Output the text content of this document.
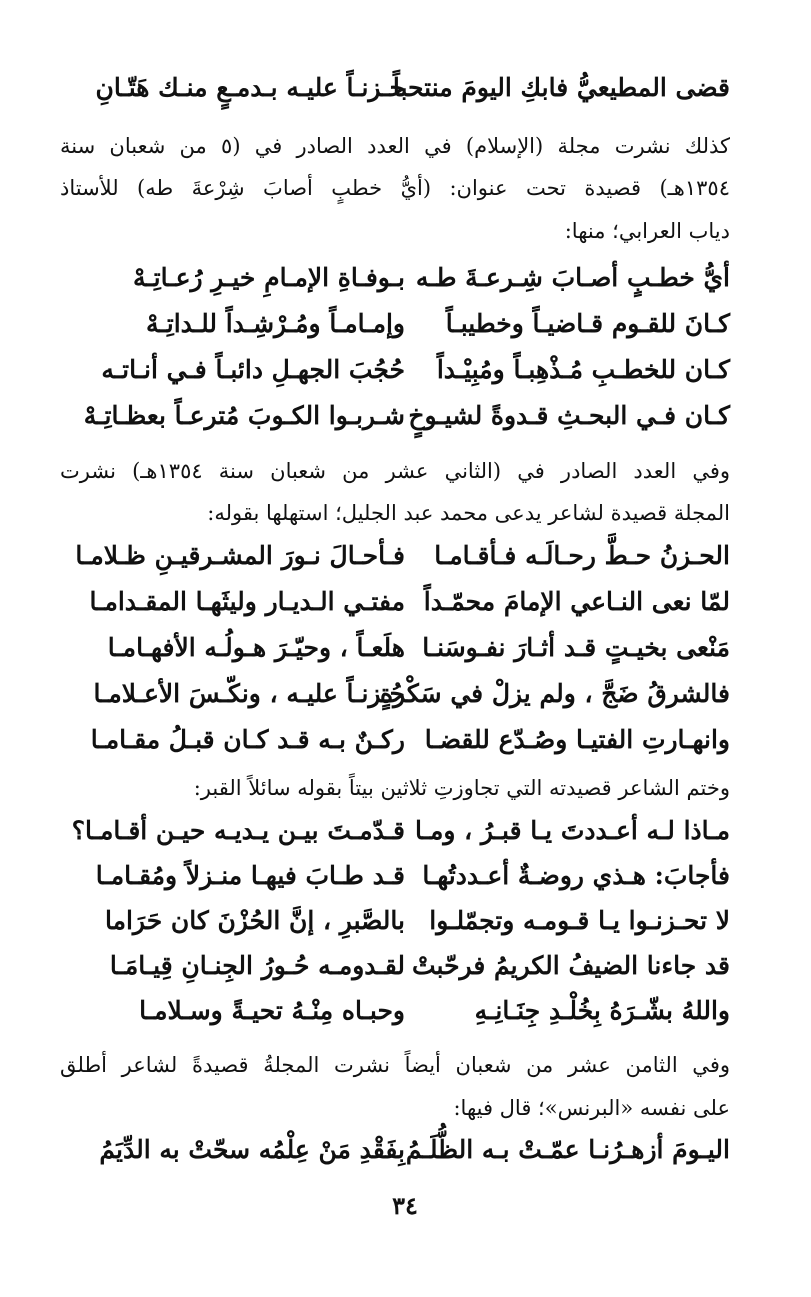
قضى المطيعيُّ فابكِ اليومَ منتحباً
حـزنـاً عليـه بـدمـعٍ منـك هَتّـانِ
كذلك نشرت مجلة (الإسلام) في العدد الصادر في (٥ من شعبان سنة
١٣٥٤هـ) قصيدة تحت عنوان: (أيُّ خطبٍ أصابَ شِرْعةَ طه) للأستاذ
دياب العرابي؛ منها:
أيُّ خطـبٍ أصـابَ شِـرعـةَ طـه
بـوفـاةِ الإمـامِ خيـرِ رُعـاتِـهْ
كـانَ للقـوم قـاضيـاً وخطيبـاً
وإمـامـاً ومُـرْشِـداً للـداتِـهْ
كـان للخطـبِ مُـذْهِبـاً ومُبِيْـداً
حُجُبَ الجهـلِ دائبـاً فـي أنـاتـه
كـان فـي البحـثِ قـدوةً لشيـوخٍ
شـربـوا الكـوبَ مُترعـاً بعظـاتِـهْ
وفي العدد الصادر في (الثاني عشر من شعبان سنة ١٣٥٤هـ) نشرت
المجلة قصيدة لشاعر يدعى محمد عبد الجليل؛ استهلها بقوله:
الحـزنُ حـطَّ رحـالَـه فـأقـامـا
فـأحـالَ نـورَ المشـرقيـنِ ظـلامـا
لمّا نعى النـاعي الإمامَ محمّـداً
مفتـي الـديـار وليثَهـا المقـدامـا
مَنْعى بخيـتٍ قـد أثـارَ نفـوسَنـا
هلَعـاً ، وحيّـرَ هـولُـه الأفهـامـا
فالشرقُ ضَجَّ ، ولم يزلْ في سَكْرةٍ
حُـزنـاً عليـه ، ونكّـسَ الأعـلامـا
وانهـارتِ الفتيـا وصُـدّع للقضـا
ركـنٌ بـه قـد كـان قبـلُ مقـامـا
وختم الشاعر قصيدته التي تجاوزتِ ثلاثين بيتاً بقوله سائلاً القبر:
مـاذا لـه أعـددتَ يـا قبـرُ ، ومـا
قـدّمـتَ بيـن يـديـه حيـن أقـامـا؟
فأجابَ: هـذي روضـةٌ أعـددتُهـا
قـد طـابَ فيهـا منـزلاً ومُقـامـا
لا تحـزنـوا يـا قـومـه وتجمّلـوا
بالصَّبرِ ، إنَّ الحُزْنَ كان حَرَاما
قد جاءنا الضيفُ الكريمُ فرحّبتْ
لقـدومـه حُـورُ الجِنـانِ قِيـامَـا
واللهُ بشّـرَهُ بِخُلْـدِ جِنَـانِـهِ
وحبـاه مِنْـهُ تحيـةً وسـلامـا
وفي الثامن عشر من شعبان أيضاً نشرت المجلةُ قصيدةً لشاعر أطلق
على نفسه «البرنس»؛ قال فيها:
اليـومَ أزهـرُنـا عمّـتْ بـه الظُّلَـمُ
بِفَقْدِ مَنْ عِلْمُه سحّتْ به الدِّيَمُ
٣٤
